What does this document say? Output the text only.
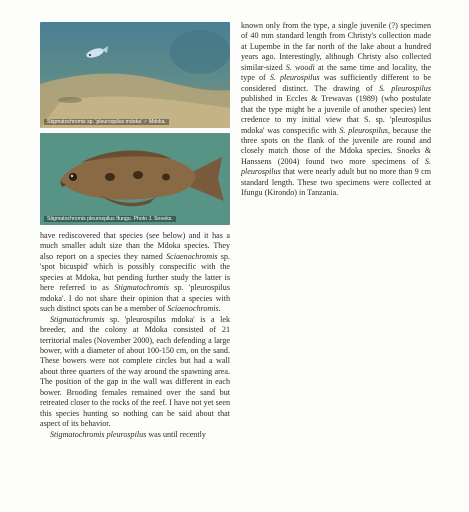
Stigmatochromis sp. 'pleurospilus mdoka' ♂ Mdoka.
Stigmatochromis pleurospilus Ifungu. Photo J. Snoeks.

have rediscovered that species (see below) and it has a much smaller adult size than the Mdoka species. They also report on a species they named Sciaenochromis sp. 'spot bicuspid' which is possibly conspecific with the species at Mdoka, but pending further study the latter is here referred to as Stigmatochromis sp. 'pleurospilus mdoka'. I do not share their opinion that a species with such distinct spots can be a member of Sciaenochromis.

Stigmatochromis sp. 'pleurospilus mdoka' is a lek breeder, and the colony at Mdoka consisted of 21 territorial males (November 2000), each defending a large bower, with a diameter of about 100-150 cm, on the sand. These bowers were not complete circles but had a wall about three quarters of the way around the spawning area. The position of the gap in the wall was different in each bower. Brooding females remained over the sand but retreated closer to the rocks of the reef. I have not yet seen this species hunting so nothing can be said about that aspect of its behavior.

Stigmatochromis pleurospilus was until recently

known only from the type, a single juvenile (?) specimen of 40 mm standard length from Christy's collection made at Lupembe in the far north of the lake about a hundred years ago. Interestingly, although Christy also collected similar-sized S. woodi at the same time and locality, the type of S. pleurospilus was sufficiently different to be considered distinct. The drawing of S. pleurospilus published in Eccles & Trewavas (1989) (who postulate that the type might be a juvenile of another species) lent credence to my initial view that S. sp. 'pleurospilus mdoka' was conspecific with S. pleurospilus, because the three spots on the flank of the juvenile are round and closely match those of the Mdoka species. Snoeks & Hanssens (2004) found two more specimens of S. pleurospilus that were nearly adult but no more than 9 cm standard length. These two specimens were collected at Ifungu (Kirondo) in Tanzania.
